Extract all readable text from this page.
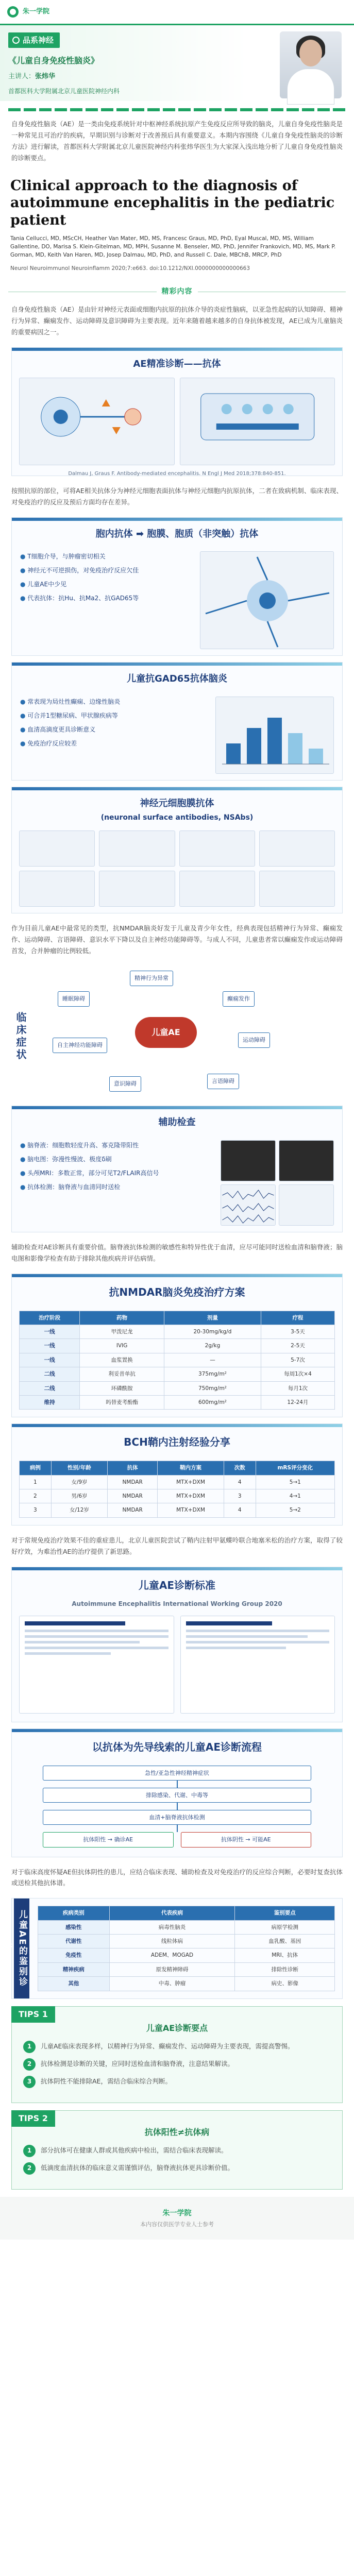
朱一学院
品系神经
《儿童自身免疫性脑炎》
主讲人：张炜华
首都医科大学附属北京儿童医院神经内科

自身免疫性脑炎（AE）是一类由免疫系统针对中枢神经系统抗原产生免疫反应所导致的脑炎，儿童自身免疫性脑炎是一种常见且可治疗的疾病，早期识别与诊断对于改善预后具有重要意义。本期内容围绕《儿童自身免疫性脑炎的诊断方法》进行解读，首都医科大学附属北京儿童医院神经内科张炜华医生为大家深入浅出地分析了儿童自身免疫性脑炎的诊断要点。

Clinical approach to the diagnosis of autoimmune encephalitis in the pediatric patient
Tania Cellucci, MD, MScCH, Heather Van Mater, MD, MS, Francesc Graus, MD, PhD, Eyal Muscal, MD, MS, William Gallentine, DO, Marisa S. Klein-Gitelman, MD, MPH, Susanne M. Benseler, MD, PhD, Jennifer Frankovich, MD, MS, Mark P. Gorman, MD, Keith Van Haren, MD, Josep Dalmau, MD, PhD, and Russell C. Dale, MBChB, MRCP, PhD
Neurol Neuroimmunol Neuroinflamm 2020;7:e663. doi:10.1212/NXI.0000000000000663
精彩内容

自身免疫性脑炎（AE）是由针对神经元表面或细胞内抗原的抗体介导的炎症性脑病，以亚急性起病的认知障碍、精神行为异常、癫痫发作、运动障碍及意识障碍为主要表现。近年来随着越来越多的自身抗体被发现，AE已成为儿童脑炎的重要病因之一。

AE精准诊断——抗体
Dalmau J, Graus F. Antibody-mediated encephalitis. N Engl J Med 2018;378:840-851.

按照抗原的部位，可将AE相关抗体分为神经元细胞表面抗体与神经元细胞内抗原抗体，二者在致病机制、临床表现、对免疫治疗的反应及预后方面均存在差异。

胞内抗体 ➡ 胞膜、胞质（非突触）抗体
● T细胞介导，与肿瘤密切相关
● 神经元不可逆损伤，对免疫治疗反应欠佳
● 儿童AE中少见
● 代表抗体：抗Hu、抗Ma2、抗GAD65等
儿童抗GAD65抗体脑炎
● 常表现为局灶性癫痫、边缘性脑炎
● 可合并1型糖尿病、甲状腺疾病等
● 血清高滴度更具诊断意义
● 免疫治疗反应较差
神经元细胞膜抗体
(neuronal surface antibodies, NSAbs)

作为目前儿童AE中最常见的类型，抗NMDAR脑炎好发于儿童及青少年女性，经典表现包括精神行为异常、癫痫发作、运动障碍、言语障碍、意识水平下降以及自主神经功能障碍等。与成人不同，儿童患者常以癫痫发作或运动障碍首发，合并肿瘤的比例较低。

临床症状	儿童AE
精神行为异常
癫痫发作
运动障碍
言语障碍
意识障碍
自主神经功能障碍
睡眠障碍
辅助检查
● 脑脊液：细胞数轻度升高、寡克隆带阳性
● 脑电图：弥漫性慢波、极度δ刷
● 头颅MRI：多数正常，部分可见T2/FLAIR高信号
● 抗体检测：脑脊液与血清同时送检

辅助检查对AE诊断具有重要价值。脑脊液抗体检测的敏感性和特异性优于血清，应尽可能同时送检血清和脑脊液；脑电图和影像学检查有助于排除其他疾病并评估病情。

抗NMDAR脑炎免疫治疗方案
治疗阶段	药物	剂量	疗程
一线	甲泼尼龙	20-30mg/kg/d	3-5天
一线	IVIG	2g/kg	2-5天
一线	血浆置换	—	5-7次
二线	利妥昔单抗	375mg/m²	每周1次×4
二线	环磷酰胺	750mg/m²	每月1次
维持	吗替麦考酚酯	600mg/m²	12-24月
BCH鞘内注射经验分享
病例	性别/年龄	抗体	鞘内方案	次数	mRS评分变化
1	女/9岁	NMDAR	MTX+DXM	4	5→1
2	男/6岁	NMDAR	MTX+DXM	3	4→1
3	女/12岁	NMDAR	MTX+DXM	4	5→2

对于常规免疫治疗效果不佳的重症患儿，北京儿童医院尝试了鞘内注射甲氨蝶呤联合地塞米松的治疗方案，取得了较好疗效，为难治性AE的治疗提供了新思路。

儿童AE诊断标准
Autoimmune Encephalitis International Working Group 2020
以抗体为先导线索的儿童AE诊断流程
急性/亚急性神经精神症状
排除感染、代谢、中毒等
血清+脑脊液抗体检测
抗体阳性 → 确诊AE	抗体阴性 → 可能AE

对于临床高度怀疑AE但抗体阴性的患儿，应结合临床表现、辅助检查及对免疫治疗的反应综合判断，必要时复查抗体或送检其他抗体谱。

儿童AE的鉴别诊断
疾病类别	代表疾病	鉴别要点
感染性	病毒性脑炎	病原学检测
代谢性	线粒体病	血乳酸、基因
免疫性	ADEM、MOGAD	MRI、抗体
精神疾病	原发精神障碍	排除性诊断
其他	中毒、肿瘤	病史、影像
TIPS 1
儿童AE诊断要点
1	儿童AE临床表现多样，以精神行为异常、癫痫发作、运动障碍为主要表现，需提高警惕。
2	抗体检测是诊断的关键，应同时送检血清和脑脊液，注意结果解读。
3	抗体阴性不能排除AE，需结合临床综合判断。
TIPS 2
抗体阳性≠抗体病
1	部分抗体可在健康人群或其他疾病中检出，需结合临床表现解读。
2	低滴度血清抗体的临床意义需谨慎评估，脑脊液抗体更具诊断价值。
朱一学院
本内容仅供医学专业人士参考
